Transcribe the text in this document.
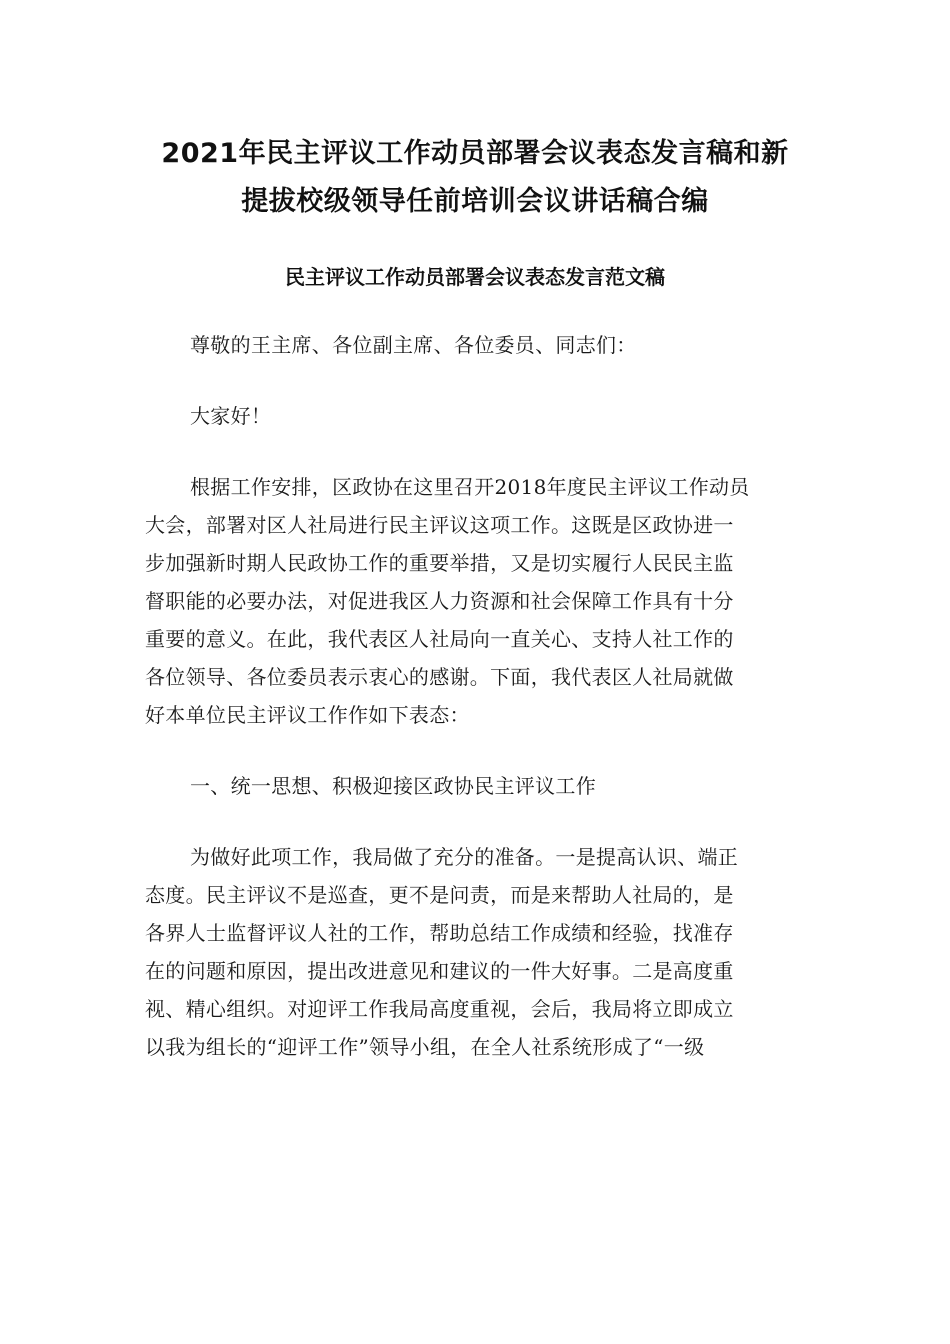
2021年民主评议工作动员部署会议表态发言稿和新
提拔校级领导任前培训会议讲话稿合编
民主评议工作动员部署会议表态发言范文稿
尊敬的王主席、各位副主席、各位委员、同志们：
大家好！
根据工作安排，区政协在这里召开2018年度民主评议工作动员
大会，部署对区人社局进行民主评议这项工作。这既是区政协进一
步加强新时期人民政协工作的重要举措，又是切实履行人民民主监
督职能的必要办法，对促进我区人力资源和社会保障工作具有十分
重要的意义。在此，我代表区人社局向一直关心、支持人社工作的
各位领导、各位委员表示衷心的感谢。下面，我代表区人社局就做
好本单位民主评议工作作如下表态：
一、统一思想、积极迎接区政协民主评议工作
为做好此项工作，我局做了充分的准备。一是提高认识、端正
态度。民主评议不是巡查，更不是问责，而是来帮助人社局的，是
各界人士监督评议人社的工作，帮助总结工作成绩和经验，找准存
在的问题和原因，提出改进意见和建议的一件大好事。二是高度重
视、精心组织。对迎评工作我局高度重视，会后，我局将立即成立
以我为组长的“迎评工作”领导小组，在全人社系统形成了“一级
